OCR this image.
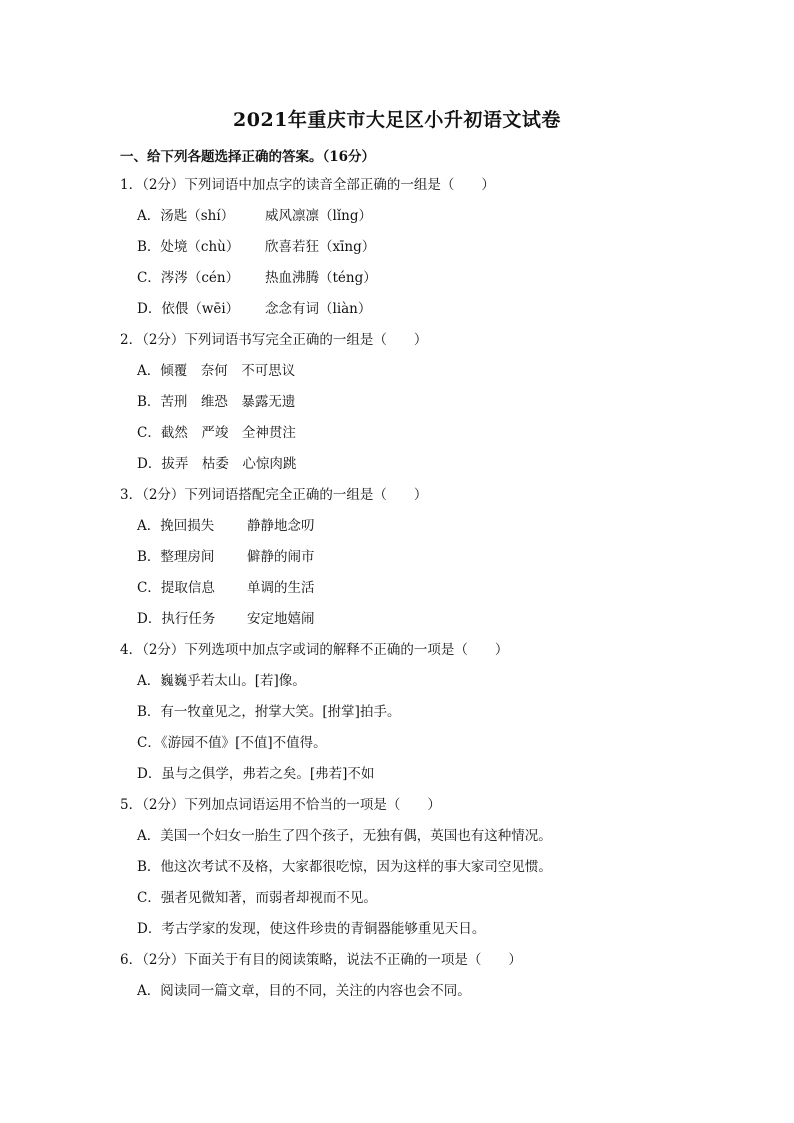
2021年重庆市大足区小升初语文试卷
一、给下列各题选择正确的答案。（16分）
1．（2分）下列词语中加点字的读音全部正确的一组是（　　）
A．汤匙（shí） 威风凛凛（lǐng）
B．处境（chù） 欣喜若狂（xīng）
C．涔涔（cén） 热血沸腾（téng）
D．依偎（wēi） 念念有词（liàn）
2．（2分）下列词语书写完全正确的一组是（　　）
A．倾覆　奈何　不可思议
B．苦刑　维恐　暴露无遗
C．截然　严竣　全神贯注
D．拔弄　枯委　心惊肉跳
3．（2分）下列词语搭配完全正确的一组是（　　）
A．挽回损失 静静地念叨
B．整理房间 僻静的闹市
C．提取信息 单调的生活
D．执行任务 安定地嬉闹
4．（2分）下列选项中加点字或词的解释不正确的一项是（　　）
A．巍巍乎若太山。[若]像。
B．有一牧童见之，拊掌大笑。[拊掌]拍手。
C．《游园不值》[不值]不值得。
D．虽与之俱学，弗若之矣。[弗若]不如
5．（2分）下列加点词语运用不恰当的一项是（　　）
A．美国一个妇女一胎生了四个孩子，无独有偶，英国也有这种情况。
B．他这次考试不及格，大家都很吃惊，因为这样的事大家司空见惯。
C．强者见微知著，而弱者却视而不见。
D．考古学家的发现，使这件珍贵的青铜器能够重见天日。
6．（2分）下面关于有目的阅读策略，说法不正确的一项是（　　）
A．阅读同一篇文章，目的不同，关注的内容也会不同。
